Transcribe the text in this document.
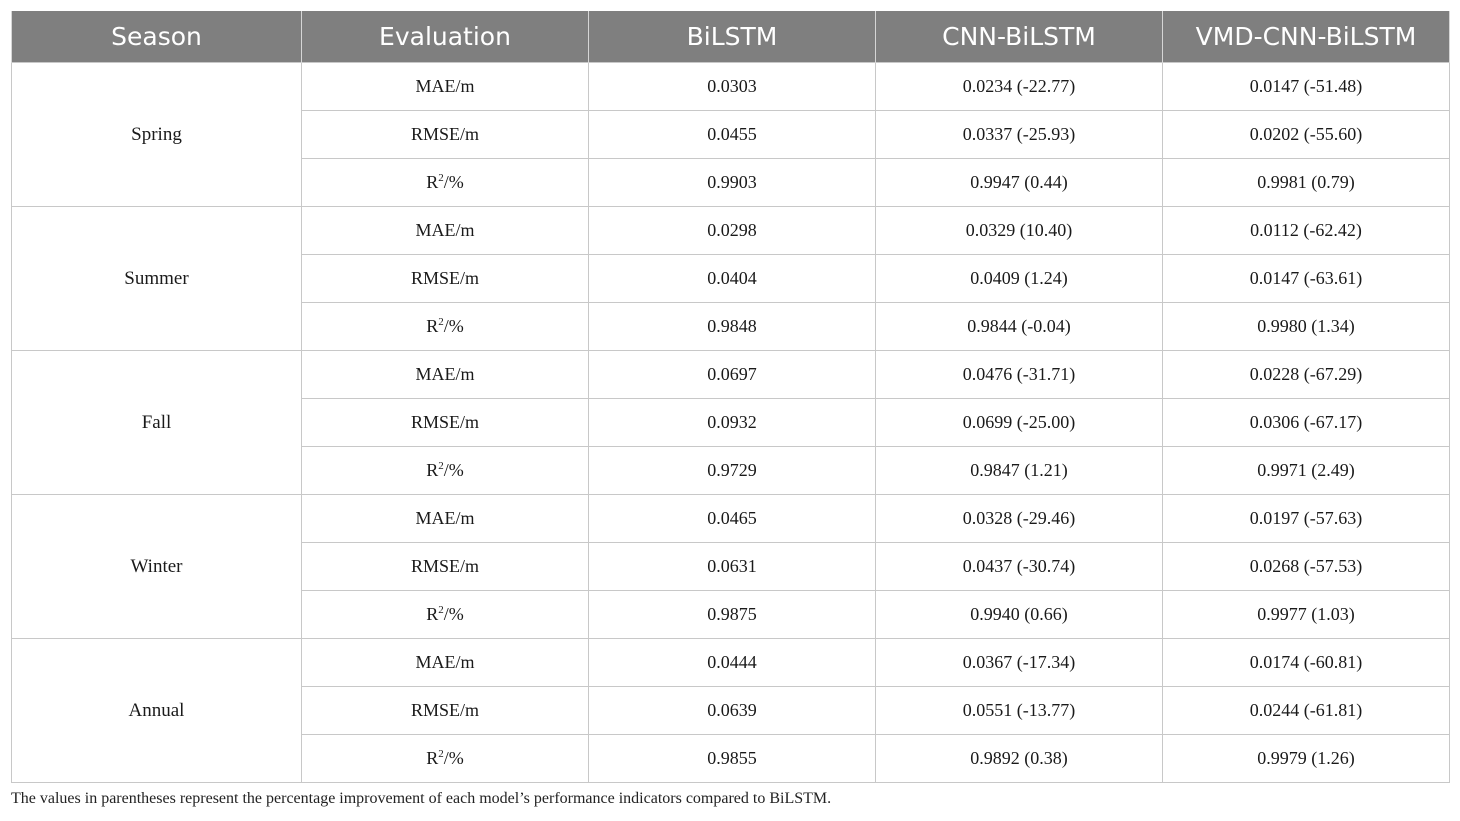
Season	Evaluation	BiLSTM	CNN-BiLSTM	VMD-CNN-BiLSTM
Spring	MAE/m	0.0303	0.0234 (-22.77)	0.0147 (-51.48)
	RMSE/m	0.0455	0.0337 (-25.93)	0.0202 (-55.60)
	$R^2/\%$	0.9903	0.9947 (0.44)	0.9981 (0.79)
Summer	MAE/m	0.0298	0.0329 (10.40)	0.0112 (-62.42)
	RMSE/m	0.0404	0.0409 (1.24)	0.0147 (-63.61)
	$R^2/\%$	0.9848	0.9844 (-0.04)	0.9980 (1.34)
Fall	MAE/m	0.0697	0.0476 (-31.71)	0.0228 (-67.29)
	RMSE/m	0.0932	0.0699 (-25.00)	0.0306 (-67.17)
	$R^2/\%$	0.9729	0.9847 (1.21)	0.9971 (2.49)
Winter	MAE/m	0.0465	0.0328 (-29.46)	0.0197 (-57.63)
	RMSE/m	0.0631	0.0437 (-30.74)	0.0268 (-57.53)
	$R^2/\%$	0.9875	0.9940 (0.66)	0.9977 (1.03)
Annual	MAE/m	0.0444	0.0367 (-17.34)	0.0174 (-60.81)
	RMSE/m	0.0639	0.0551 (-13.77)	0.0244 (-61.81)
	$R^2/\%$	0.9855	0.9892 (0.38)	0.9979 (1.26)
The values in parentheses represent the percentage improvement of each model’s performance indicators compared to BiLSTM.
